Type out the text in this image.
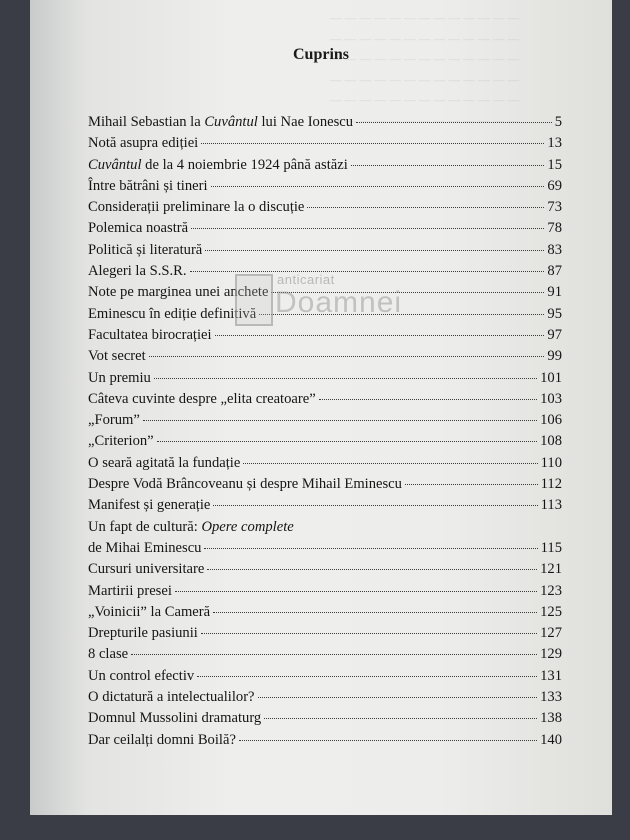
— — — — — — — — — — — — —
— — — — — — — — — — — — —
— — — — — — — — — — — — —
— — — — — — — — — — — — —
— — — — — — — — — — — — —
— — — — — — — — — — — — —
Cuprins
Mihail Sebastian la Cuvântul lui Nae Ionescu	5
Notă asupra ediției	13
Cuvântul de la 4 noiembrie 1924 până astăzi	15
Între bătrâni și tineri	69
Considerații preliminare la o discuție	73
Polemica noastră	78
Politică și literatură	83
Alegeri la S.S.R.	87
Note pe marginea unei anchete	91
Eminescu în ediție definitivă	95
Facultatea birocrației	97
Vot secret	99
Un premiu	101
Câteva cuvinte despre „elita creatoare”	103
„Forum”	106
„Criterion”	108
O seară agitată la fundație	110
Despre Vodă Brâncoveanu și despre Mihail Eminescu	112
Manifest și generație	113
Un fapt de cultură: Opere complete
de Mihai Eminescu	115
Cursuri universitare	121
Martirii presei	123
„Voinicii” la Cameră	125
Drepturile pasiunii	127
8 clase	129
Un control efectiv	131
O dictatură a intelectualilor?	133
Domnul Mussolini dramaturg	138
Dar ceilalți domni Boilă?	140
anticariat
Doamnei
